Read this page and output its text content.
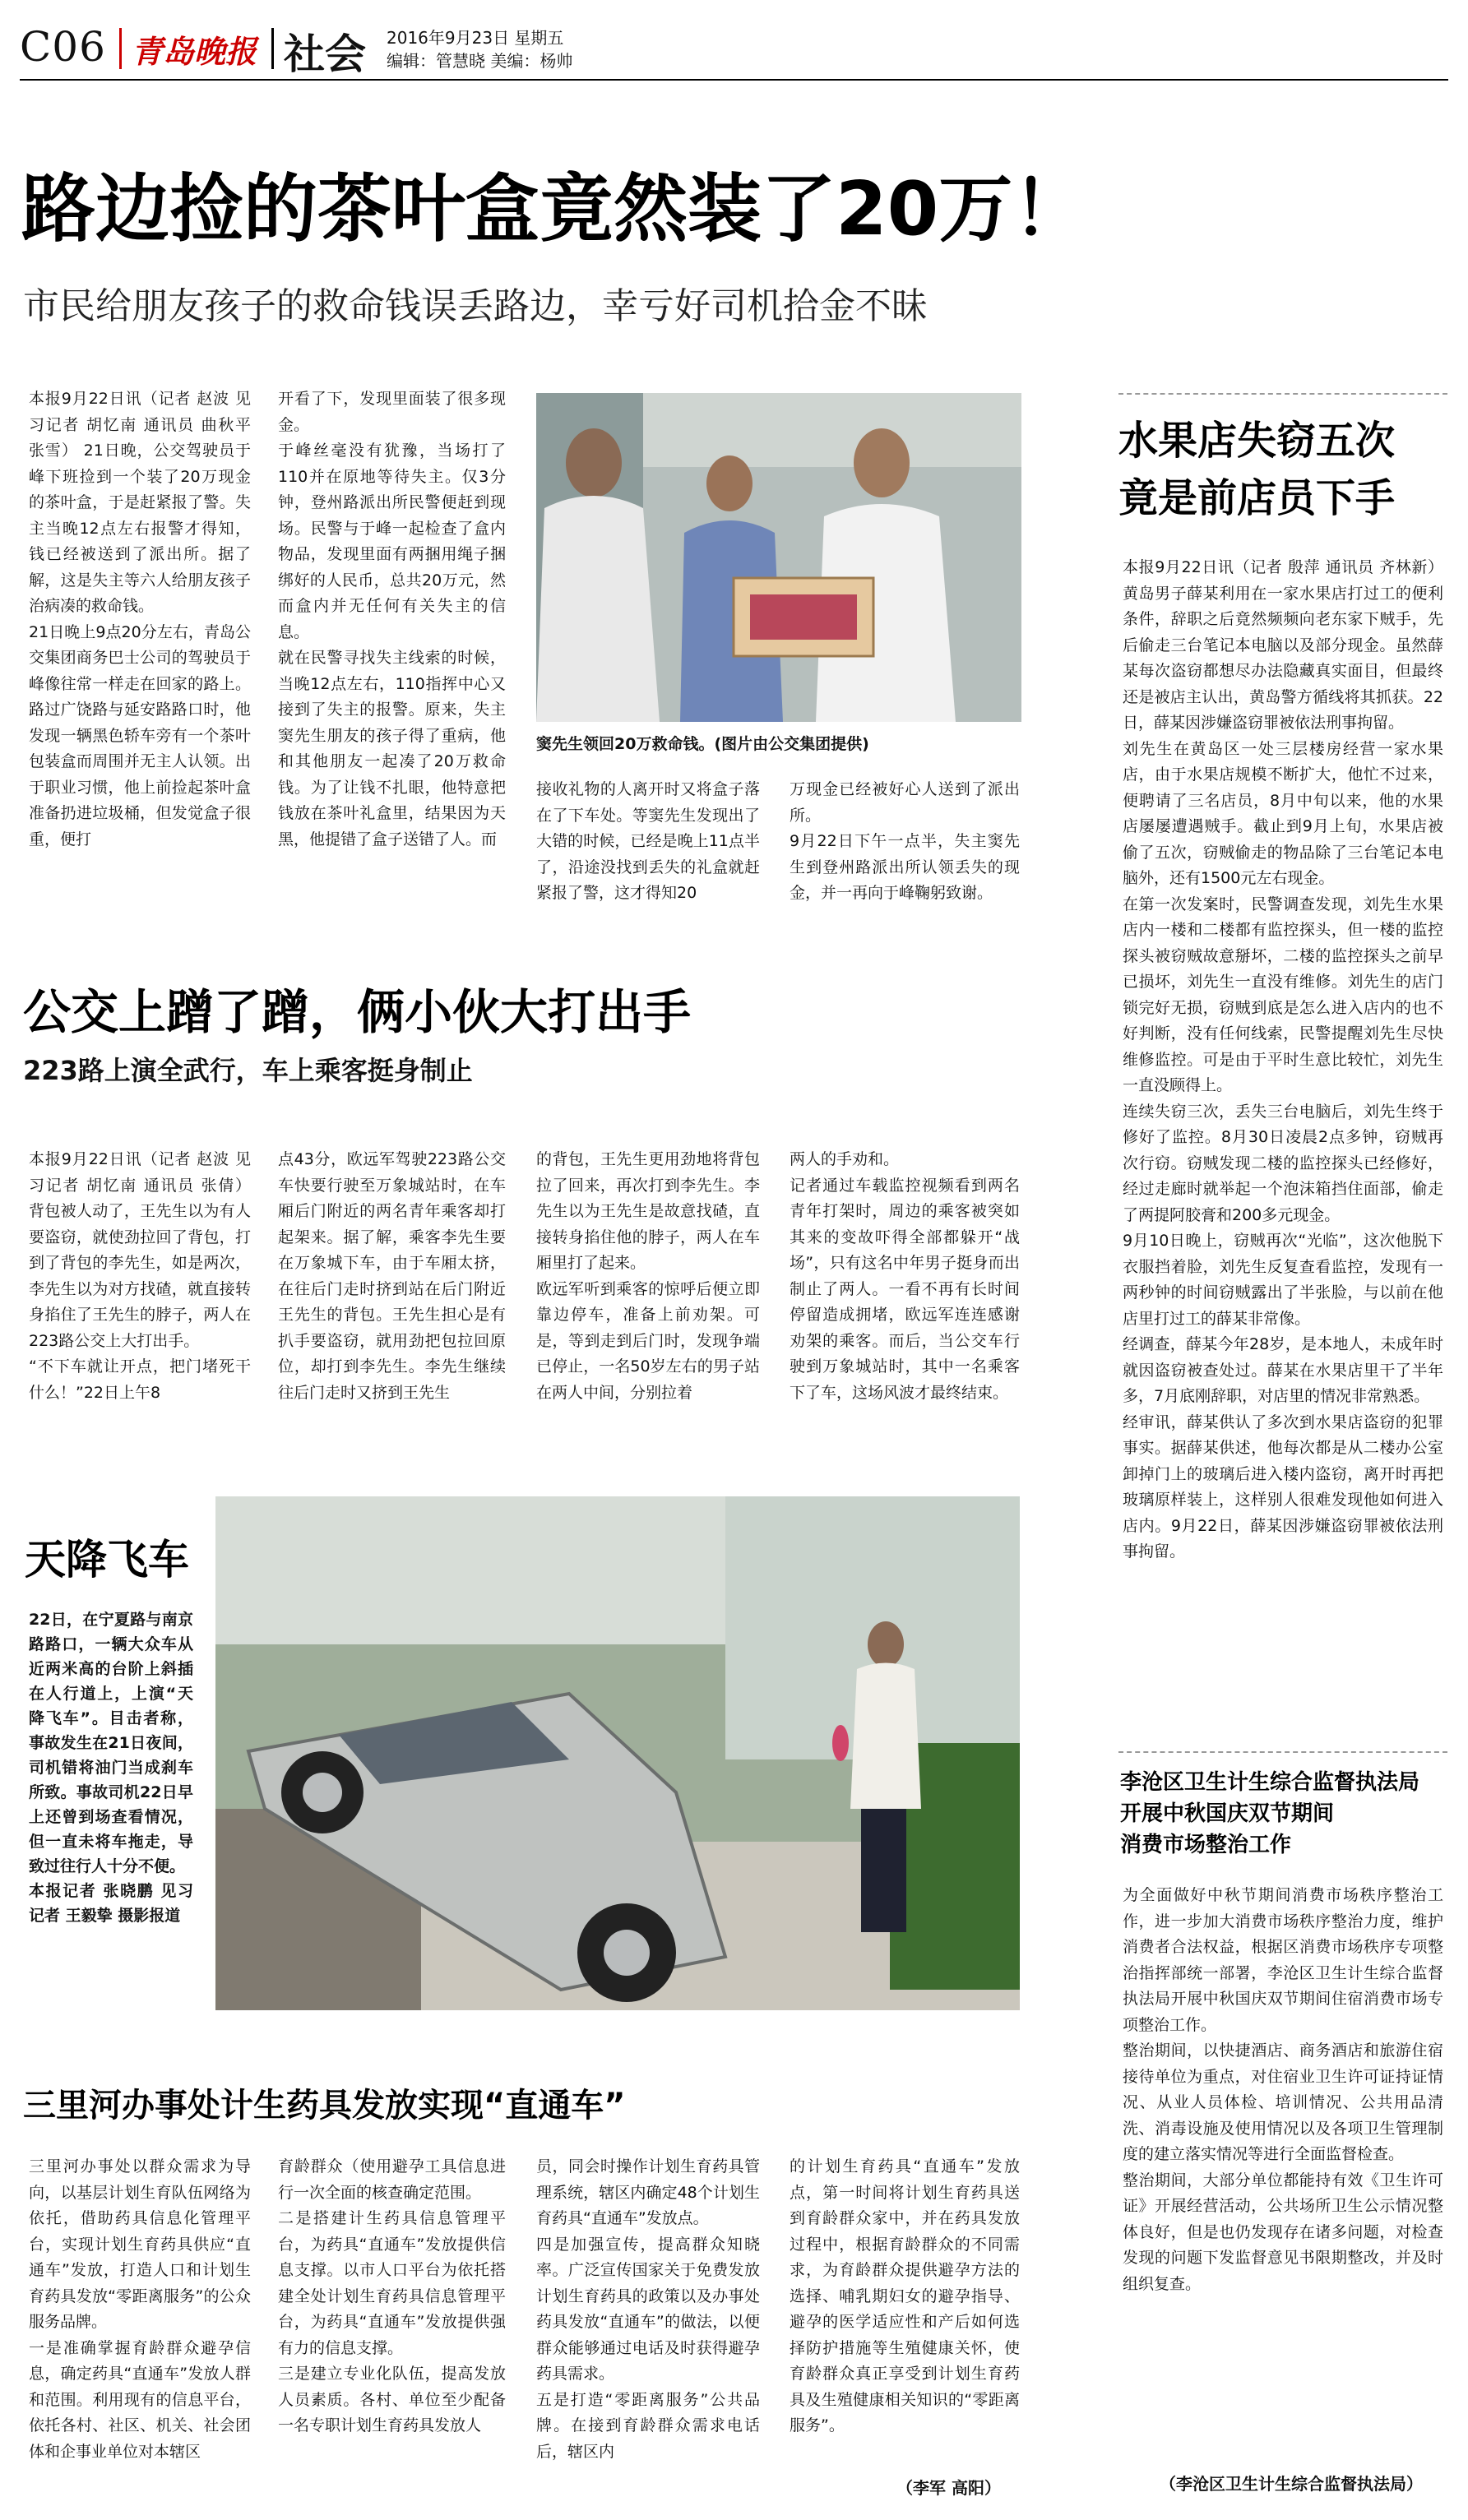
C06 青岛晚报 社会 2016年9月23日 星期五
编辑：管慧晓 美编：杨帅
路边捡的茶叶盒竟然装了20万！
市民给朋友孩子的救命钱误丢路边，幸亏好司机拾金不昧

本报9月22日讯（记者 赵波 见习记者 胡忆南 通讯员 曲秋平 张雪） 21日晚，公交驾驶员于峰下班捡到一个装了20万现金的茶叶盒，于是赶紧报了警。失主当晚12点左右报警才得知，钱已经被送到了派出所。据了解，这是失主等六人给朋友孩子治病凑的救命钱。
21日晚上9点20分左右，青岛公交集团商务巴士公司的驾驶员于峰像往常一样走在回家的路上。路过广饶路与延安路路口时，他发现一辆黑色轿车旁有一个茶叶包装盒而周围并无主人认领。出于职业习惯，他上前捡起茶叶盒准备扔进垃圾桶，但发觉盒子很重，便打

开看了下，发现里面装了很多现金。
于峰丝毫没有犹豫，当场打了110并在原地等待失主。仅3分钟，登州路派出所民警便赶到现场。民警与于峰一起检查了盒内物品，发现里面有两捆用绳子捆绑好的人民币，总共20万元，然而盒内并无任何有关失主的信息。
就在民警寻找失主线索的时候，当晚12点左右，110指挥中心又接到了失主的报警。原来，失主窦先生朋友的孩子得了重病，他和其他朋友一起凑了20万救命钱。为了让钱不扎眼，他特意把钱放在茶叶礼盒里，结果因为天黑，他提错了盒子送错了人。而

窦先生领回20万救命钱。(图片由公交集团提供)

接收礼物的人离开时又将盒子落在了下车处。等窦先生发现出了大错的时候，已经是晚上11点半了，沿途没找到丢失的礼盒就赶紧报了警，这才得知20

万现金已经被好心人送到了派出所。
9月22日下午一点半，失主窦先生到登州路派出所认领丢失的现金，并一再向于峰鞠躬致谢。

公交上蹭了蹭，俩小伙大打出手
223路上演全武行，车上乘客挺身制止

本报9月22日讯（记者 赵波 见习记者 胡忆南 通讯员 张倩） 背包被人动了，王先生以为有人要盗窃，就使劲拉回了背包，打到了背包的李先生，如是两次，李先生以为对方找碴，就直接转身掐住了王先生的脖子，两人在223路公交上大打出手。
“不下车就让开点，把门堵死干什么！”22日上午8

点43分，欧远军驾驶223路公交车快要行驶至万象城站时，在车厢后门附近的两名青年乘客却打起架来。据了解，乘客李先生要在万象城下车，由于车厢太挤，在往后门走时挤到站在后门附近王先生的背包。王先生担心是有扒手要盗窃，就用劲把包拉回原位，却打到李先生。李先生继续往后门走时又挤到王先生

的背包，王先生更用劲地将背包拉了回来，再次打到李先生。李先生以为王先生是故意找碴，直接转身掐住他的脖子，两人在车厢里打了起来。
欧远军听到乘客的惊呼后便立即靠边停车，准备上前劝架。可是，等到走到后门时，发现争端已停止，一名50岁左右的男子站在两人中间，分别拉着

两人的手劝和。
记者通过车载监控视频看到两名青年打架时，周边的乘客被突如其来的变故吓得全部都躲开“战场”，只有这名中年男子挺身而出制止了两人。一看不再有长时间停留造成拥堵，欧远军连连感谢劝架的乘客。而后，当公交车行驶到万象城站时，其中一名乘客下了车，这场风波才最终结束。

天降飞车

22日，在宁夏路与南京路路口，一辆大众车从近两米高的台阶上斜插在人行道上，上演“天降飞车”。目击者称，事故发生在21日夜间，司机错将油门当成刹车所致。事故司机22日早上还曾到场查看情况，但一直未将车拖走，导致过往行人十分不便。
本报记者 张晓鹏 见习记者 王毅挚 摄影报道

三里河办事处计生药具发放实现“直通车”

三里河办事处以群众需求为导向，以基层计划生育队伍网络为依托，借助药具信息化管理平台，实现计划生育药具供应“直通车”发放，打造人口和计划生育药具发放“零距离服务”的公众服务品牌。
一是准确掌握育龄群众避孕信息，确定药具“直通车”发放人群和范围。利用现有的信息平台，依托各村、社区、机关、社会团体和企事业单位对本辖区

育龄群众（使用避孕工具信息进行一次全面的核查确定范围。
二是搭建计生药具信息管理平台，为药具“直通车”发放提供信息支撑。以市人口平台为依托搭建全处计划生育药具信息管理平台，为药具“直通车”发放提供强有力的信息支撑。
三是建立专业化队伍，提高发放人员素质。各村、单位至少配备一名专职计划生育药具发放人

员，同会时操作计划生育药具管理系统，辖区内确定48个计划生育药具“直通车”发放点。
四是加强宣传，提高群众知晓率。广泛宣传国家关于免费发放计划生育药具的政策以及办事处药具发放“直通车”的做法，以便群众能够通过电话及时获得避孕药具需求。
五是打造“零距离服务”公共品牌。在接到育龄群众需求电话后，辖区内

的计划生育药具“直通车”发放点，第一时间将计划生育药具送到育龄群众家中，并在药具发放过程中，根据育龄群众的不同需求，为育龄群众提供避孕方法的选择、哺乳期妇女的避孕指导、避孕的医学适应性和产后如何选择防护措施等生殖健康关怀，使育龄群众真正享受到计划生育药具及生殖健康相关知识的“零距离服务”。

（李军 高阳）
水果店失窃五次
竟是前店员下手

本报9月22日讯（记者 殷萍 通讯员 齐林新） 黄岛男子薛某利用在一家水果店打过工的便利条件，辞职之后竟然频频向老东家下贼手，先后偷走三台笔记本电脑以及部分现金。虽然薛某每次盗窃都想尽办法隐藏真实面目，但最终还是被店主认出，黄岛警方循线将其抓获。22日，薛某因涉嫌盗窃罪被依法刑事拘留。
刘先生在黄岛区一处三层楼房经营一家水果店，由于水果店规模不断扩大，他忙不过来，便聘请了三名店员，8月中旬以来，他的水果店屡屡遭遇贼手。截止到9月上旬，水果店被偷了五次，窃贼偷走的物品除了三台笔记本电脑外，还有1500元左右现金。
在第一次发案时，民警调查发现，刘先生水果店内一楼和二楼都有监控探头，但一楼的监控探头被窃贼故意掰坏，二楼的监控探头之前早已损坏，刘先生一直没有维修。刘先生的店门锁完好无损，窃贼到底是怎么进入店内的也不好判断，没有任何线索，民警提醒刘先生尽快维修监控。可是由于平时生意比较忙，刘先生一直没顾得上。
连续失窃三次，丢失三台电脑后，刘先生终于修好了监控。8月30日凌晨2点多钟，窃贼再次行窃。窃贼发现二楼的监控探头已经修好，经过走廊时就举起一个泡沫箱挡住面部，偷走了两提阿胶膏和200多元现金。
9月10日晚上，窃贼再次“光临”，这次他脱下衣服挡着脸，刘先生反复查看监控，发现有一两秒钟的时间窃贼露出了半张脸，与以前在他店里打过工的薛某非常像。
经调查，薛某今年28岁，是本地人，未成年时就因盗窃被查处过。薛某在水果店里干了半年多，7月底刚辞职，对店里的情况非常熟悉。
经审讯，薛某供认了多次到水果店盗窃的犯罪事实。据薛某供述，他每次都是从二楼办公室卸掉门上的玻璃后进入楼内盗窃，离开时再把玻璃原样装上，这样别人很难发现他如何进入店内。9月22日，薛某因涉嫌盗窃罪被依法刑事拘留。

李沧区卫生计生综合监督执法局
开展中秋国庆双节期间
消费市场整治工作

为全面做好中秋节期间消费市场秩序整治工作，进一步加大消费市场秩序整治力度，维护消费者合法权益，根据区消费市场秩序专项整治指挥部统一部署，李沧区卫生计生综合监督执法局开展中秋国庆双节期间住宿消费市场专项整治工作。
整治期间，以快捷酒店、商务酒店和旅游住宿接待单位为重点，对住宿业卫生许可证持证情况、从业人员体检、培训情况、公共用品清洗、消毒设施及使用情况以及各项卫生管理制度的建立落实情况等进行全面监督检查。
整治期间，大部分单位都能持有效《卫生许可证》开展经营活动，公共场所卫生公示情况整体良好，但是也仍发现存在诸多问题，对检查发现的问题下发监督意见书限期整改，并及时组织复查。

（李沧区卫生计生综合监督执法局）
